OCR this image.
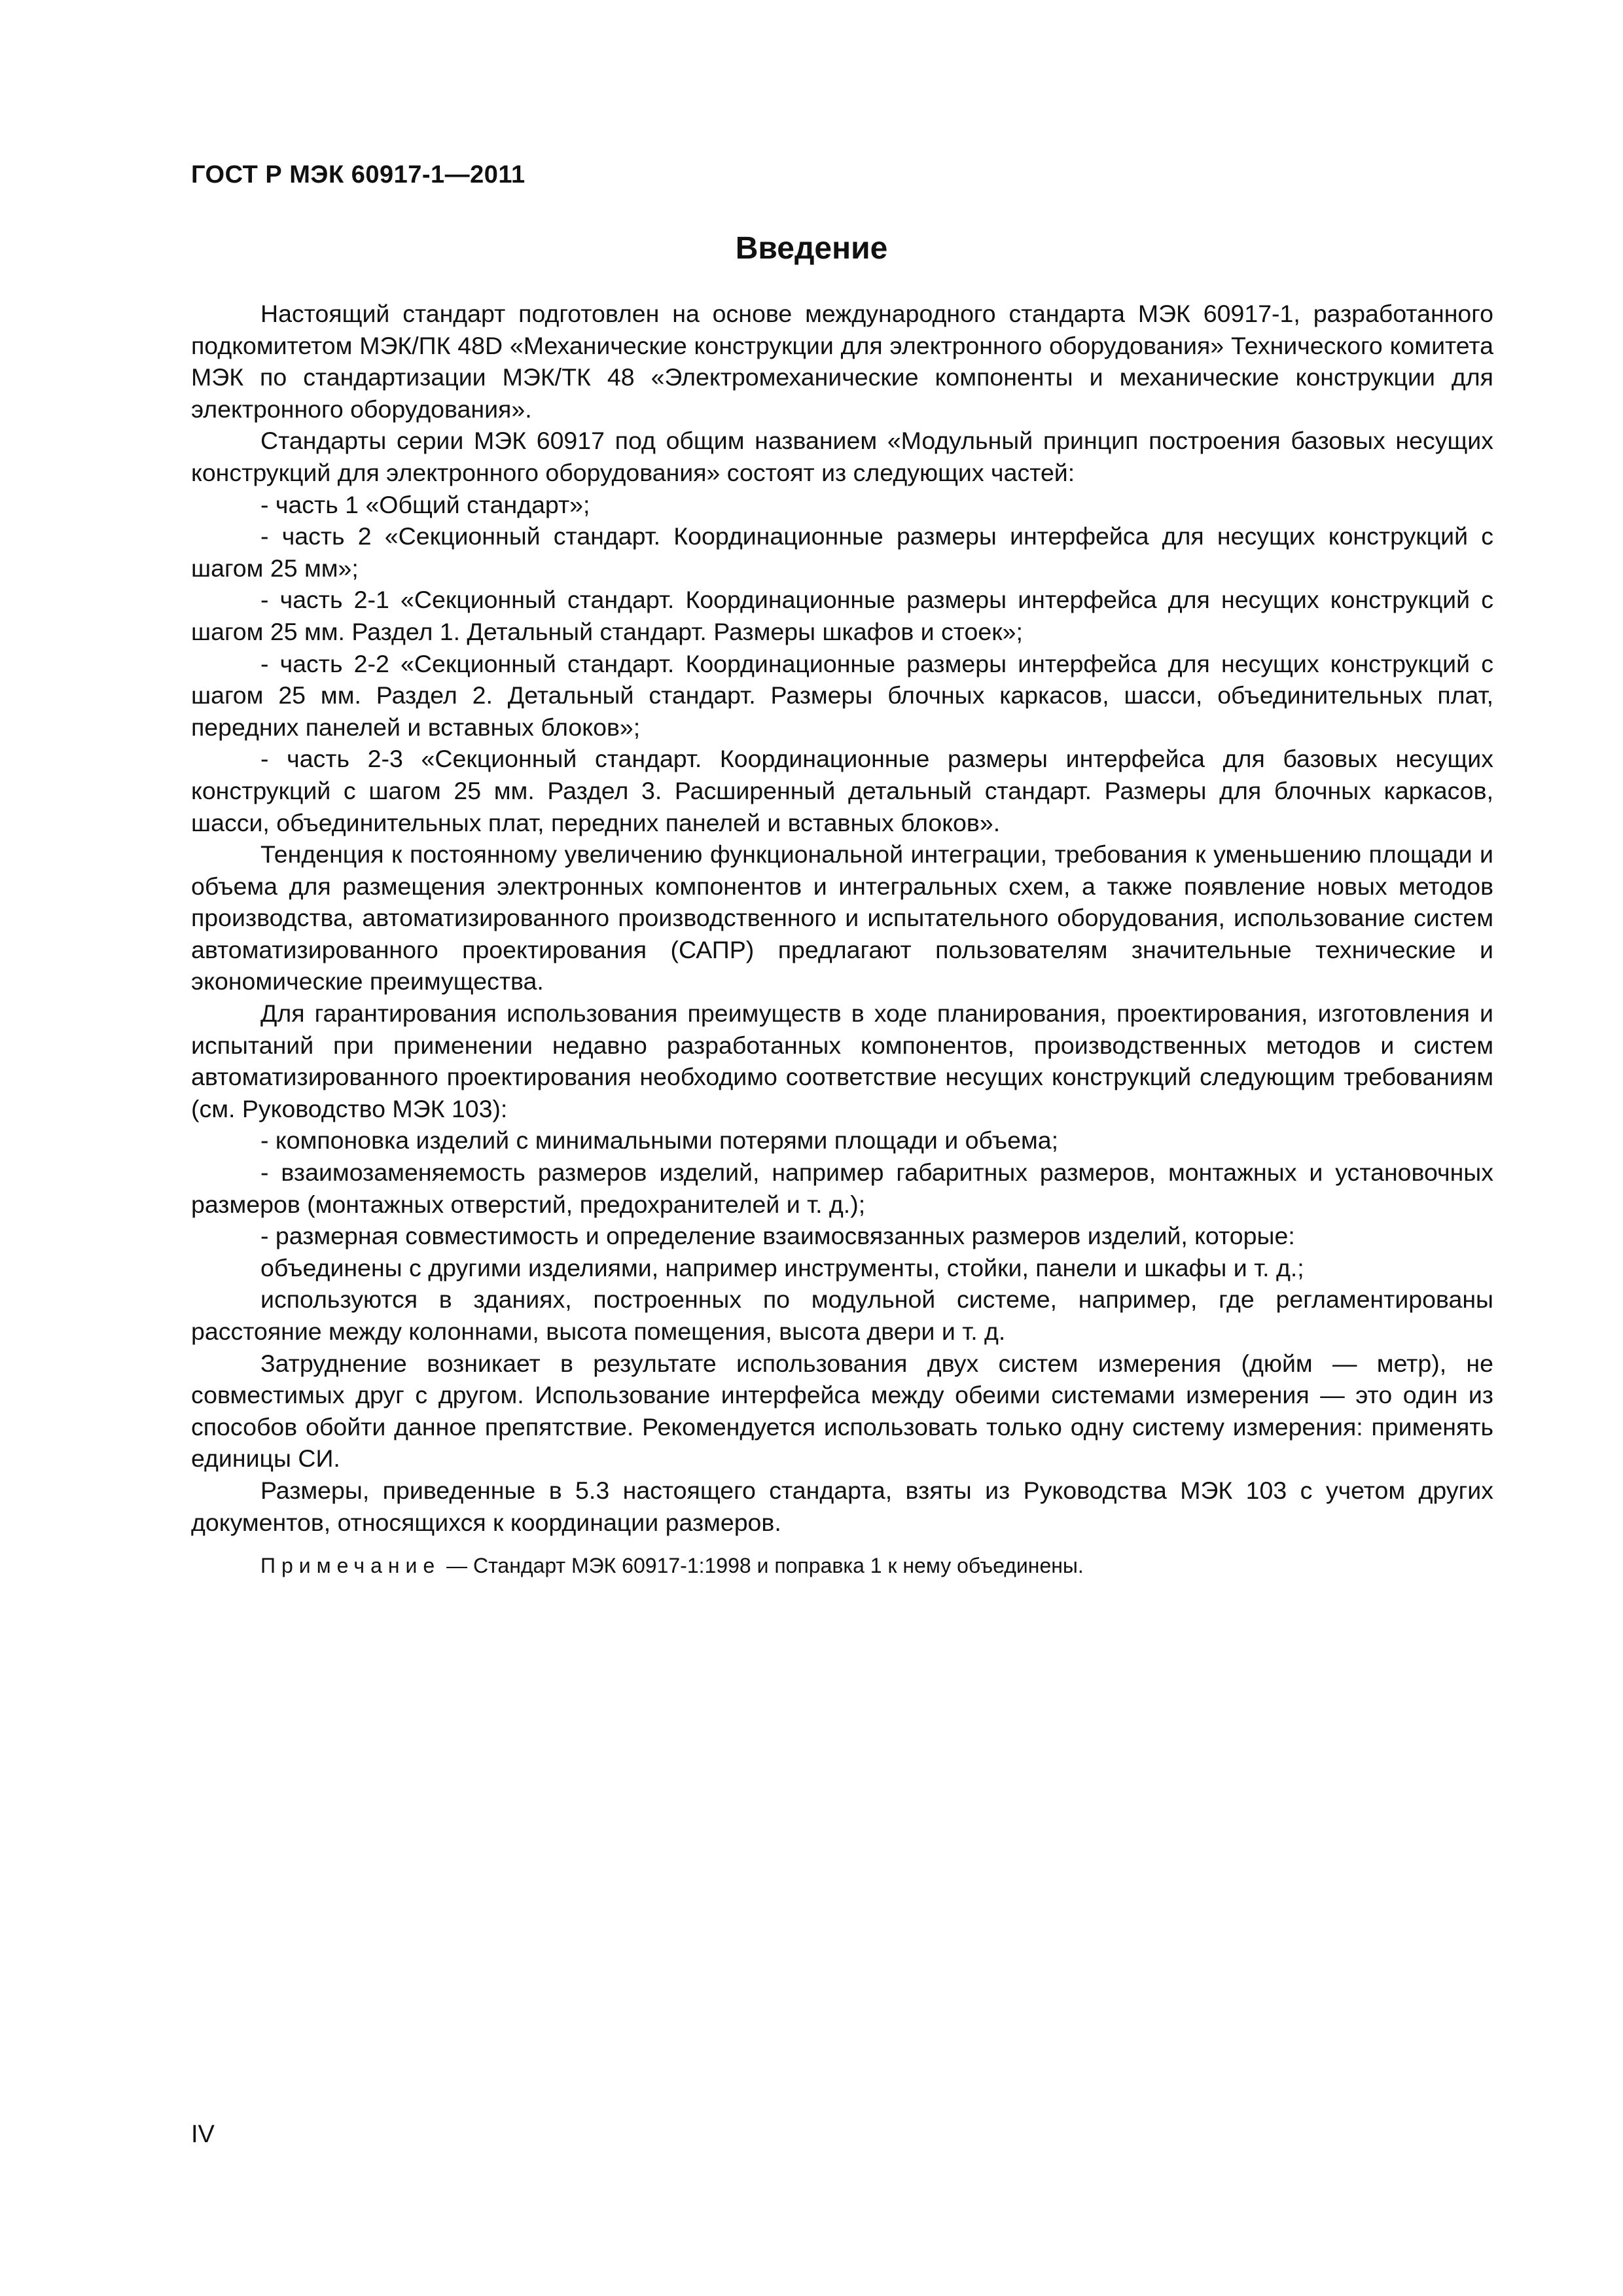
ГОСТ Р МЭК 60917-1—2011

Введение

Настоящий стандарт подготовлен на основе международного стандарта МЭК 60917-1, разработанного подкомитетом МЭК/ПК 48D «Механические конструкции для электронного оборудования» Технического комитета МЭК по стандартизации МЭК/ТК 48 «Электромеханические компоненты и механические конструкции для электронного оборудования».

Стандарты серии МЭК 60917 под общим названием «Модульный принцип построения базовых несущих конструкций для электронного оборудования» состоят из следующих частей:

- часть 1 «Общий стандарт»;

- часть 2 «Секционный стандарт. Координационные размеры интерфейса для несущих конструкций с шагом 25 мм»;

- часть 2-1 «Секционный стандарт. Координационные размеры интерфейса для несущих конструкций с шагом 25 мм. Раздел 1. Детальный стандарт. Размеры шкафов и стоек»;

- часть 2-2 «Секционный стандарт. Координационные размеры интерфейса для несущих конструкций с шагом 25 мм. Раздел 2. Детальный стандарт. Размеры блочных каркасов, шасси, объединительных плат, передних панелей и вставных блоков»;

- часть 2-3 «Секционный стандарт. Координационные размеры интерфейса для базовых несущих конструкций с шагом 25 мм. Раздел 3. Расширенный детальный стандарт. Размеры для блочных каркасов, шасси, объединительных плат, передних панелей и вставных блоков».

Тенденция к постоянному увеличению функциональной интеграции, требования к уменьшению площади и объема для размещения электронных компонентов и интегральных схем, а также появление новых методов производства, автоматизированного производственного и испытательного оборудования, использование систем автоматизированного проектирования (САПР) предлагают пользователям значительные технические и экономические преимущества.

Для гарантирования использования преимуществ в ходе планирования, проектирования, изготовления и испытаний при применении недавно разработанных компонентов, производственных методов и систем автоматизированного проектирования необходимо соответствие несущих конструкций следующим требованиям (см. Руководство МЭК 103):

- компоновка изделий с минимальными потерями площади и объема;

- взаимозаменяемость размеров изделий, например габаритных размеров, монтажных и установочных размеров (монтажных отверстий, предохранителей и т. д.);

- размерная совместимость и определение взаимосвязанных размеров изделий, которые:

объединены с другими изделиями, например инструменты, стойки, панели и шкафы и т. д.;

используются в зданиях, построенных по модульной системе, например, где регламентированы расстояние между колоннами, высота помещения, высота двери и т. д.

Затруднение возникает в результате использования двух систем измерения (дюйм — метр), не совместимых друг с другом. Использование интерфейса между обеими системами измерения — это один из способов обойти данное препятствие. Рекомендуется использовать только одну систему измерения: применять единицы СИ.

Размеры, приведенные в 5.3 настоящего стандарта, взяты из Руководства МЭК 103 с учетом других документов, относящихся к координации размеров.

Примечание — Стандарт МЭК 60917-1:1998 и поправка 1 к нему объединены.

IV
